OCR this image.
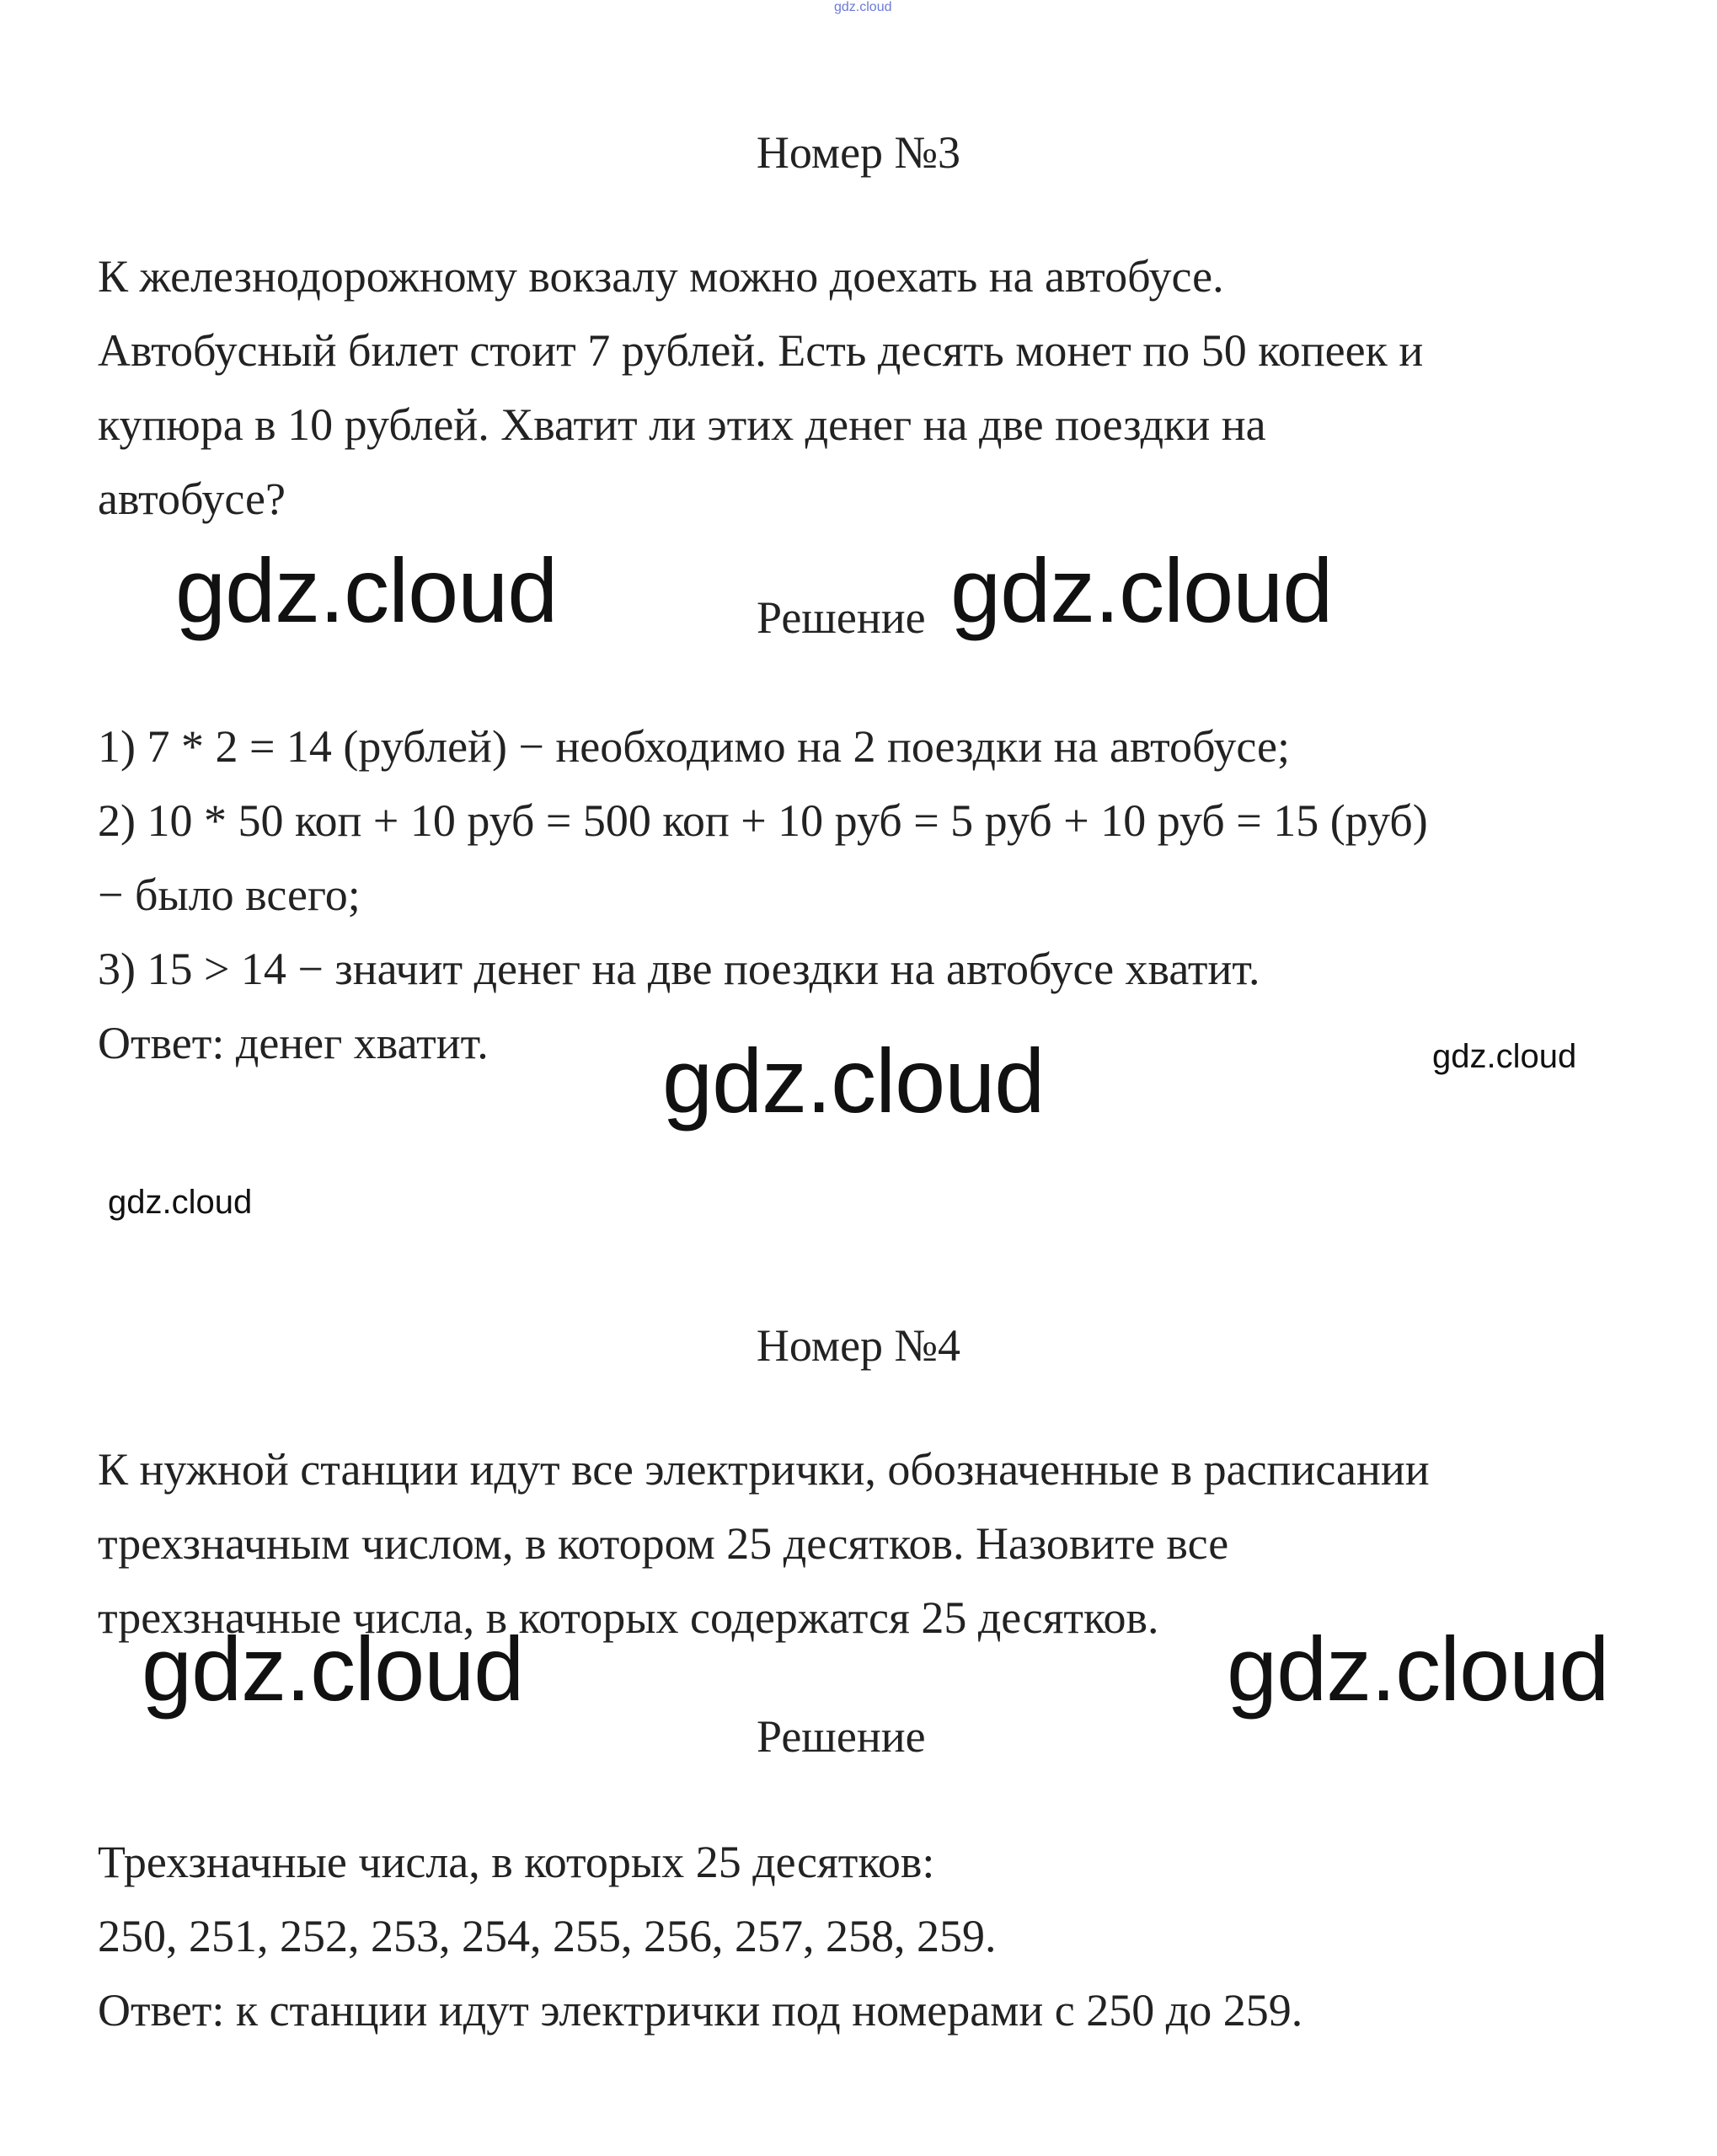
gdz.cloud
Номер №3
К железнодорожному вокзалу можно доехать на автобусе.
Автобусный билет стоит 7 рублей. Есть десять монет по 50 копеек и
купюра в 10 рублей. Хватит ли этих денег на две поездки на
автобусе?
gdz.cloud	Решение gdz.cloud
1) 7 * 2 = 14 (рублей) − необходимо на 2 поездки на автобусе;
2) 10 * 50 коп + 10 руб = 500 коп + 10 руб = 5 руб + 10 руб = 15 (руб)
− было всего;
3) 15 > 14 − значит денег на две поездки на автобусе хватит.
Ответ: денег хватит.	gdz.cloud	gdz.cloud
gdz.cloud
Номер №4
К нужной станции идут все электрички, обозначенные в расписании
трехзначным числом, в котором 25 десятков. Назовите все
трехзначные числа, в которых содержатся 25 десятков.
gdz.cloud	gdz.cloud
Решение
Трехзначные числа, в которых 25 десятков:
250, 251, 252, 253, 254, 255, 256, 257, 258, 259.
Ответ: к станции идут электрички под номерами с 250 до 259.
